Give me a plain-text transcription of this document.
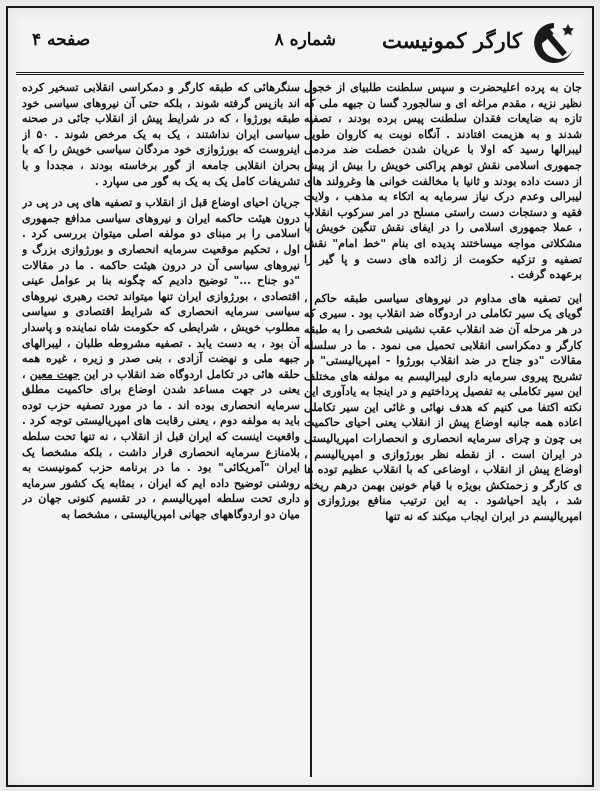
کارگر کمونیست
شماره ۸
صفحه ۴

جان به پرده اعلیحضرت و سپس سلطنت طلبیای از خجول نظیر نزیه ، مقدم مراغه ای و سالجورد گسا ن جبهه ملی که تازه به ضایعات فقدان سلطنت پیس برده بودند ، تصفیه شدند و به هزیمت افتادند . آنگاه نوبت به کاروان طویل لیبرالها رسید که اولا با عریان شدن خصلت ضد مردمی جمهوری اسلامی نقش توهم پراکنی خویش را بیش از پیش از دست داده بودند و ثانیا با مخالفت خوانی ها وغرولند های لیبرالی وعدم درک نیاز سرمایه به اتکاء به مذهب ، ولایت فقیه و دستجات دست راستی مسلح در امر سرکوب انقلاب ، عملا جمهوری اسلامی را در ایفای نقش تنگین خویش با مشکلاتی مواجه میساختند پدیده ای بنام "خط امام" نقش تصفیه و تزکیه حکومت از زائده های دست و پا گیر را برعهده گرفت .

این تصفیه های مداوم در نیروهای سیاسی طبقه حاکم ، گویای یک سیر تکاملی در اردوگاه ضد انقلاب بود . سیری که در هر مرحله آن ضد انقلاب عقب نشینی شخصی را به طبقه کارگر و دمکراسی انقلابی تحمیل می نمود . ما در سلسله مقالات "دو جناح در ضد انقلاب بورژوا - امپریالیستی" در تشریح پیروی سرمایه داری لیبرالیسم به مولفه های مختلف این سیر تکاملی به تفصیل پرداختیم و در اینجا به یادآوری این نکته اکتفا می کنیم که هدف نهائی و غائی این سیر تکاملی اعاده همه جانبه اوضاع پیش از انقلاب یعنی احیای حاکمیت بی چون و چرای سرمایه انحصاری و انحصارات امپریالیستی در ایران است . از نقطه نظر بورژوازی و امپریالیسم ، اوضاع پیش از انقلاب ، اوضاعی که با انقلاب عظیم توده ها ی کارگر و زحمتکش بویژه با قیام خونین بهمن درهم ریخته شد ، باید احیاشود . به این ترتیب منافع بورژوازی و امپریالیسم در ایران ایجاب میکند که نه تنها

سنگرهائی که طبقه کارگر و دمکراسی انقلابی تسخیر کرده اند بازپس گرفته شوند ، بلکه حتی آن نیروهای سیاسی خود طبقه بورژوا ، که در شرایط پیش از انقلاب جائی در صحنه سیاسی ایران نداشتند ، یک به یک مرخص شوند . ۵۰ از اینروست که بورژوازی خود مردگان سیاسی خویش را که با بحران انقلابی جامعه از گور برخاسته بودند ، مجددا و با تشریفات کامل یک به یک به گور می سپارد .

جریان احیای اوضاع قبل از انقلاب و تصفیه های پی در پی در درون هیئت حاکمه ایران و نیروهای سیاسی مدافع جمهوری اسلامی را بر مبنای دو مولفه اصلی میتوان بررسی کرد . اول ، تحکیم موقعیت سرمایه انحصاری و بورژوازی بزرگ و نیروهای سیاسی آن در درون هیئت حاکمه . ما در مقالات "دو جناح ..." توضیح دادیم که چگونه بنا بر عوامل عینی اقتصادی ، بورژوازی ایران تنها میتواند تحت رهبری نیروهای سیاسی سرمایه انحصاری که شرایط اقتصادی و سیاسی مطلوب خویش ، شرایطی که حکومت شاه نماینده و پاسدار آن بود ، به دست یابد . تصفیه مشروطه طلبان ، لیبرالهای جبهه ملی و نهضت آزادی ، بنی صدر و زیره ، غیره همه حلقه هائی در تکامل اردوگاه ضد انقلاب در این جهت معین ، یعنی در جهت مساعد شدن اوضاع برای حاکمیت مطلق سرمایه انحصاری بوده اند . ما در مورد تصفیه حزب توده باید به مولفه دوم ، یعنی رقابت های امپریالیستی توجه کرد . واقعیت اینست که ایران قبل از انقلاب ، نه تنها تحت سلطه بلامنازع سرمایه انحصاری قرار داشت ، بلکه مشخصا یک ایران "آمریکائی" بود . ما در برنامه حزب کمونیست به روشنی توضیح داده ایم که ایران ، بمثابه یک کشور سرمایه داری تحت سلطه امپریالیسم ، در تقسیم کنونی جهان در میان دو اردوگاههای جهانی امپریالیستی ، مشخصا به
